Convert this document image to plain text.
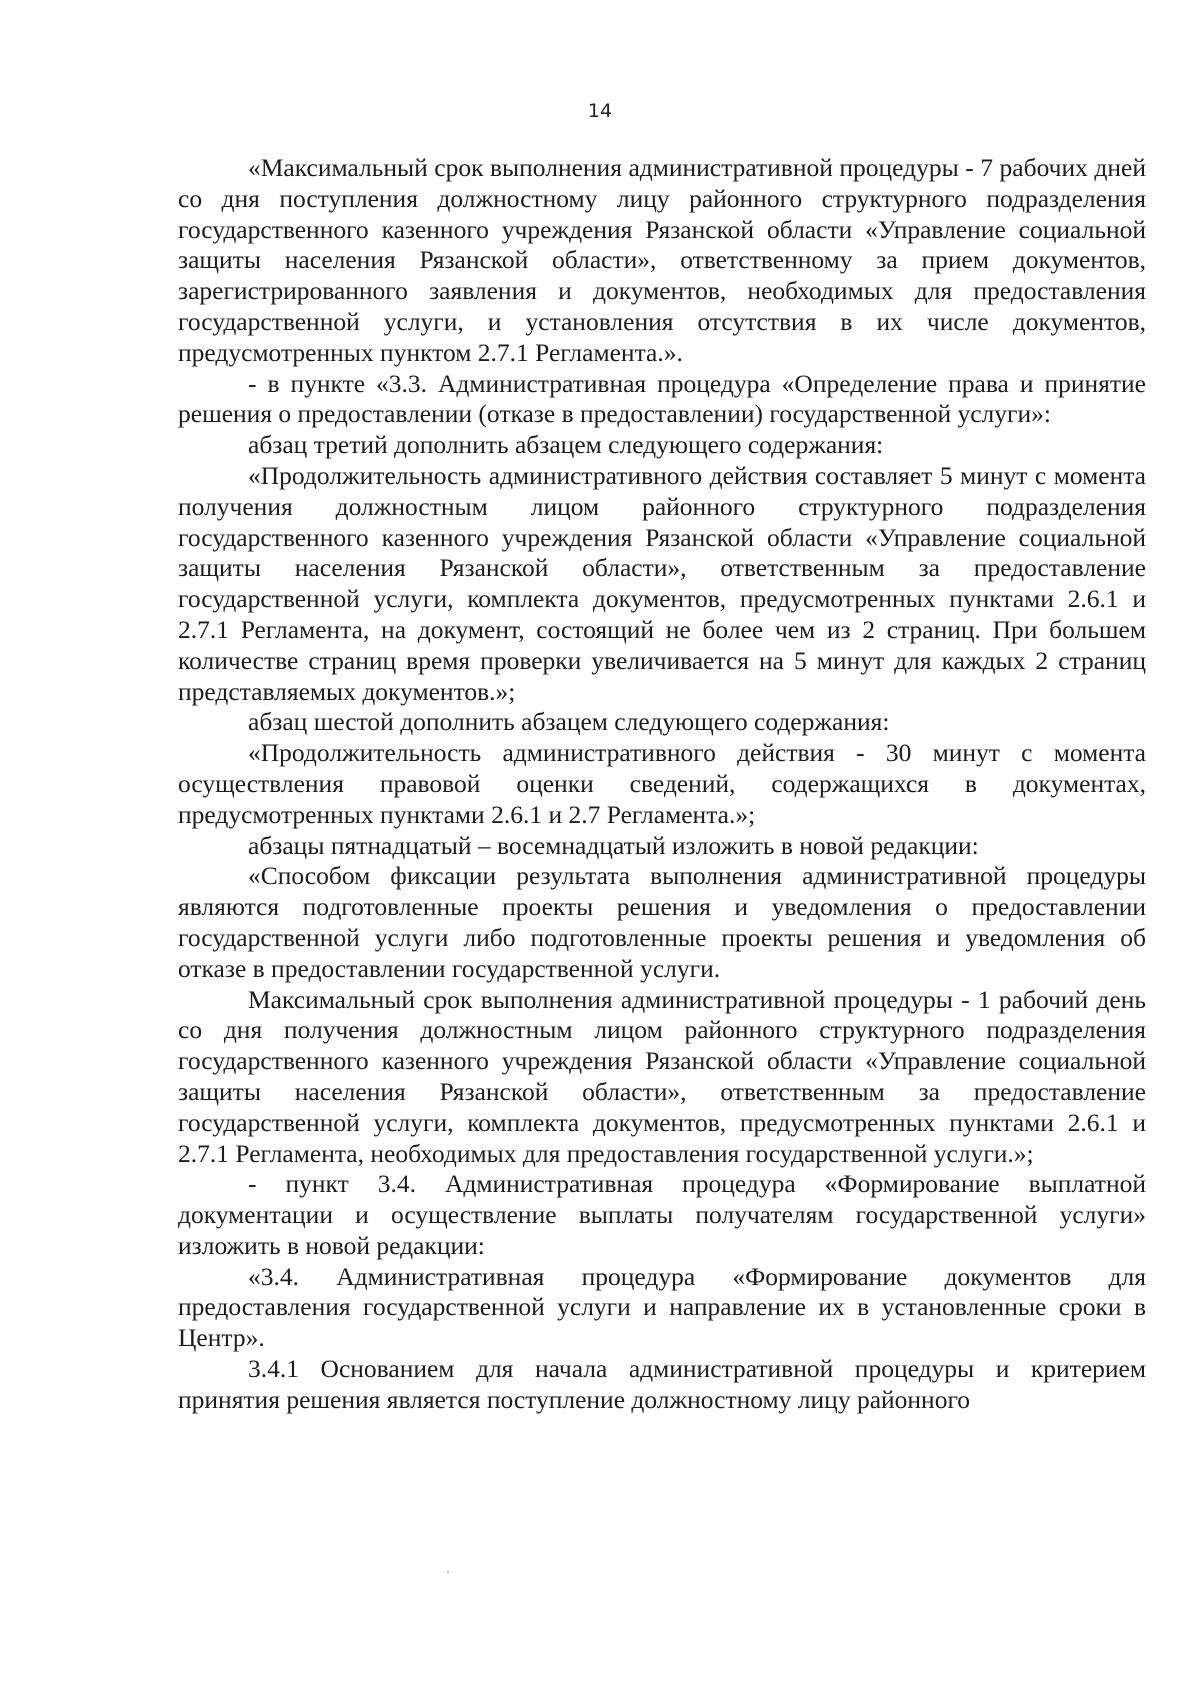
14

«Максимальный срок выполнения административной процедуры - 7 рабочих дней со дня поступления должностному лицу районного структурного подразделения государственного казенного учреждения Рязанской области «Управление социальной защиты населения Рязанской области», ответственному за прием документов, зарегистрированного заявления и документов, необходимых для предоставления государственной услуги, и установления отсутствия в их числе документов, предусмотренных пунктом 2.7.1 Регламента.».

- в пункте «3.3. Административная процедура «Определение права и принятие решения о предоставлении (отказе в предоставлении) государственной услуги»:

абзац третий дополнить абзацем следующего содержания:

«Продолжительность административного действия составляет 5 минут с момента получения должностным лицом районного структурного подразделения государственного казенного учреждения Рязанской области «Управление социальной защиты населения Рязанской области», ответственным за предоставление государственной услуги, комплекта документов, предусмотренных пунктами 2.6.1 и 2.7.1 Регламента, на документ, состоящий не более чем из 2 страниц. При большем количестве страниц время проверки увеличивается на 5 минут для каждых 2 страниц представляемых документов.»;

абзац шестой дополнить абзацем следующего содержания:

«Продолжительность административного действия - 30 минут с момента осуществления правовой оценки сведений, содержащихся в документах, предусмотренных пунктами 2.6.1 и 2.7 Регламента.»;

абзацы пятнадцатый – восемнадцатый изложить в новой редакции:

«Способом фиксации результата выполнения административной процедуры являются подготовленные проекты решения и уведомления о предоставлении государственной услуги либо подготовленные проекты решения и уведомления об отказе в предоставлении государственной услуги.

Максимальный срок выполнения административной процедуры - 1 рабочий день со дня получения должностным лицом районного структурного подразделения государственного казенного учреждения Рязанской области «Управление социальной защиты населения Рязанской области», ответственным за предоставление государственной услуги, комплекта документов, предусмотренных пунктами 2.6.1 и 2.7.1 Регламента, необходимых для предоставления государственной услуги.»;

- пункт 3.4. Административная процедура «Формирование выплатной документации и осуществление выплаты получателям государственной услуги» изложить в новой редакции:

«3.4. Административная процедура «Формирование документов для предоставления государственной услуги и направление их в установленные сроки в Центр».

3.4.1 Основанием для начала административной процедуры и критерием принятия решения является поступление должностному лицу районного
